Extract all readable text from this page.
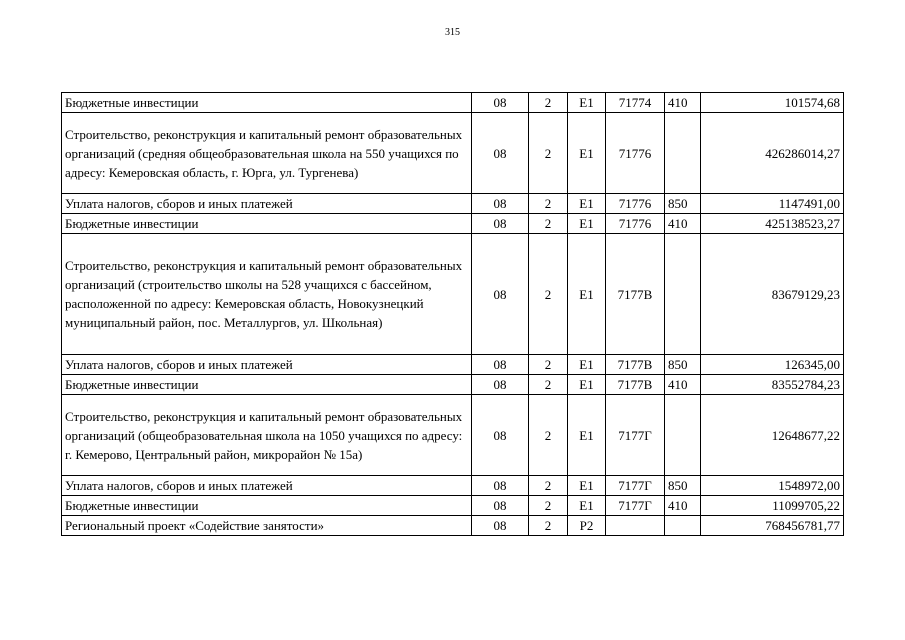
315
Бюджетные инвестиции	08	2	E1	71774	410	101574,68
Строительство, реконструкция и капитальный ремонт образовательных организаций (средняя общеобразовательная школа на 550 учащихся по адресу: Кемеровская область, г. Юрга, ул. Тургенева)	08	2	E1	71776		426286014,27
Уплата налогов, сборов и иных платежей	08	2	E1	71776	850	1147491,00
Бюджетные инвестиции	08	2	E1	71776	410	425138523,27
Строительство, реконструкция и капитальный ремонт образовательных организаций (строительство школы на 528 учащихся с бассейном, расположенной по адресу: Кемеровская область, Новокузнецкий муниципальный район, пос. Металлургов, ул. Школьная)	08	2	E1	7177В		83679129,23
Уплата налогов, сборов и иных платежей	08	2	E1	7177В	850	126345,00
Бюджетные инвестиции	08	2	E1	7177В	410	83552784,23
Строительство, реконструкция и капитальный ремонт образовательных организаций (общеобразовательная школа на 1050 учащихся по адресу: г. Кемерово, Центральный район, микрорайон № 15а)	08	2	E1	7177Г		12648677,22
Уплата налогов, сборов и иных платежей	08	2	E1	7177Г	850	1548972,00
Бюджетные инвестиции	08	2	E1	7177Г	410	11099705,22
Региональный проект «Содействие занятости»	08	2	P2			768456781,77
